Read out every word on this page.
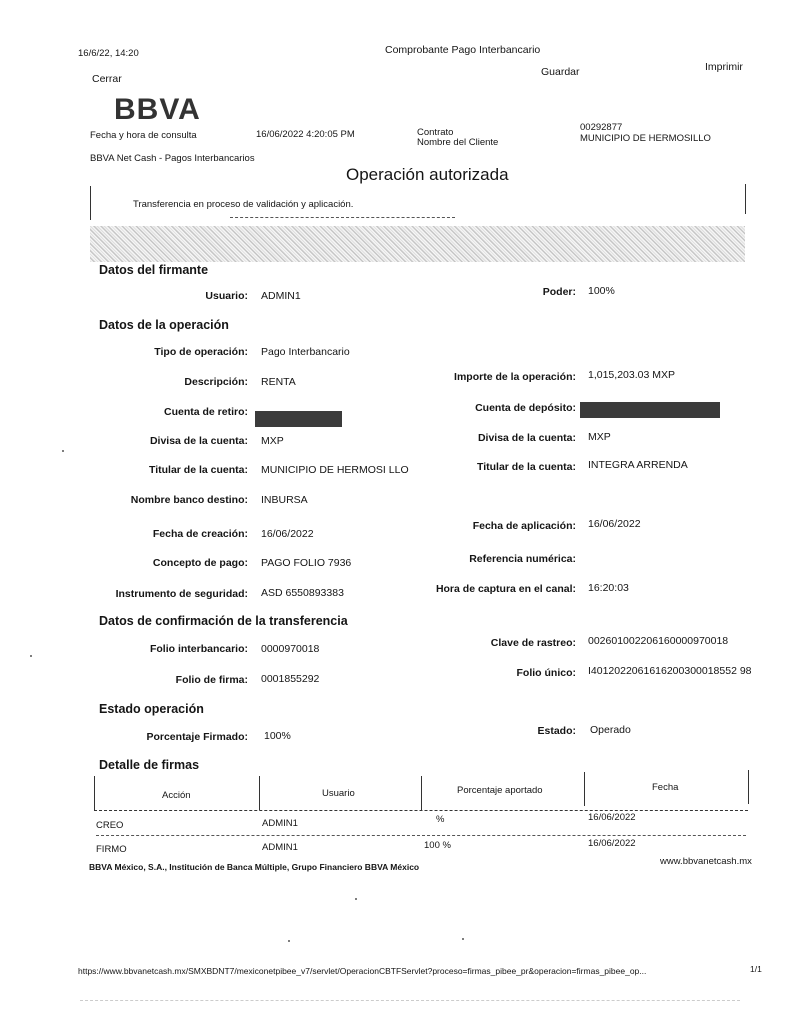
16/6/22, 14:20	Comprobante Pago Interbancario
Cerrar
Guardar	Imprimir
BBVA
Fecha y hora de consulta	16/06/2022 4:20:05 PM	Contrato
Nombre del Cliente
00292877
MUNICIPIO DE HERMOSILLO
BBVA Net Cash - Pagos Interbancarios
Operación autorizada
Transferencia en proceso de validación y aplicación.
Datos del firmante
Usuario: ADMIN1	Poder: 100%
Datos de la operación
Tipo de operación: Pago Interbancario
Descripción: RENTA	Importe de la operación: 1,015,203.03 MXP
Cuenta de retiro:	Cuenta de depósito:
Divisa de la cuenta: MXP	Divisa de la cuenta: MXP
Titular de la cuenta: MUNICIPIO DE HERMOSI LLO	Titular de la cuenta: INTEGRA ARRENDA
Nombre banco destino: INBURSA
Fecha de creación: 16/06/2022
Fecha de aplicación: 16/06/2022
Concepto de pago: PAGO FOLIO 7936	Referencia numérica:
Instrumento de seguridad: ASD 6550893383	Hora de captura en el canal: 16:20:03
Datos de confirmación de la transferencia
Folio interbancario: 0000970018	Clave de rastreo: 002601002206160000970018
Folio de firma: 0001855292	Folio único: I4012022061616200300018552 98
Estado operación
Porcentaje Firmado: 100%	Estado: Operado
Detalle de firmas
Acción	Usuario	Porcentaje aportado	Fecha
CREO	ADMIN1	%	16/06/2022
FIRMO	ADMIN1	100 %	16/06/2022
BBVA México, S.A., Institución de Banca Múltiple, Grupo Financiero BBVA México	www.bbvanetcash.mx
https://www.bbvanetcash.mx/SMXBDNT7/mexiconetpibee_v7/servlet/OperacionCBTFServlet?proceso=firmas_pibee_pr&operacion=firmas_pibee_op...	1/1
